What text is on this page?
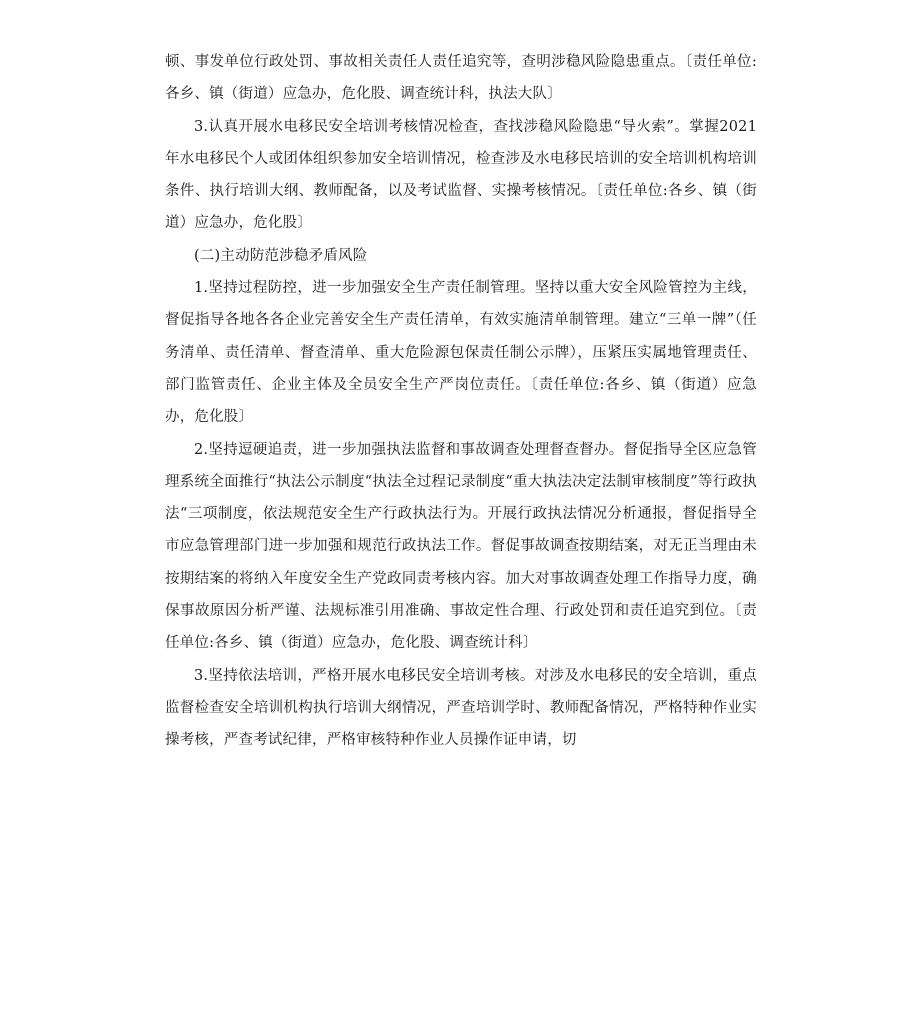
顿、事发单位行政处罚、事故相关责任人责任追究等，查明涉稳风险隐患重点。〔责任单位:各乡、镇（街道）应急办，危化股、调查统计科，执法大队〕

3.认真开展水电移民安全培训考核情况检查，查找涉稳风险隐患“导火索”。掌握2021年水电移民个人或团体组织参加安全培训情况，检查涉及水电移民培训的安全培训机构培训条件、执行培训大纲、教师配备，以及考试监督、实操考核情况。〔责任单位:各乡、镇（街道）应急办，危化股〕

(二)主动防范涉稳矛盾风险

1.坚持过程防控，进一步加强安全生产责任制管理。坚持以重大安全风险管控为主线，督促指导各地各各企业完善安全生产责任清单，有效实施清单制管理。建立“三单一牌”（任务清单、责任清单、督查清单、重大危险源包保责任制公示牌），压紧压实属地管理责任、部门监管责任、企业主体及全员安全生产严岗位责任。〔责任单位:各乡、镇（街道）应急办，危化股〕

2.坚持逗硬追责，进一步加强执法监督和事故调查处理督查督办。督促指导全区应急管理系统全面推行“执法公示制度“执法全过程记录制度“重大执法决定法制审核制度”等行政执法“三项制度，依法规范安全生产行政执法行为。开展行政执法情况分析通报，督促指导全市应急管理部门进一步加强和规范行政执法工作。督促事故调查按期结案，对无正当理由未按期结案的将纳入年度安全生产党政同责考核内容。加大对事故调查处理工作指导力度，确保事故原因分析严谨、法规标准引用准确、事故定性合理、行政处罚和责任追究到位。〔责任单位:各乡、镇（街道）应急办，危化股、调查统计科〕

3.坚持依法培训，严格开展水电移民安全培训考核。对涉及水电移民的安全培训，重点监督检查安全培训机构执行培训大纲情况，严查培训学时、教师配备情况，严格特种作业实操考核，严查考试纪律，严格审核特种作业人员操作证申请，切
